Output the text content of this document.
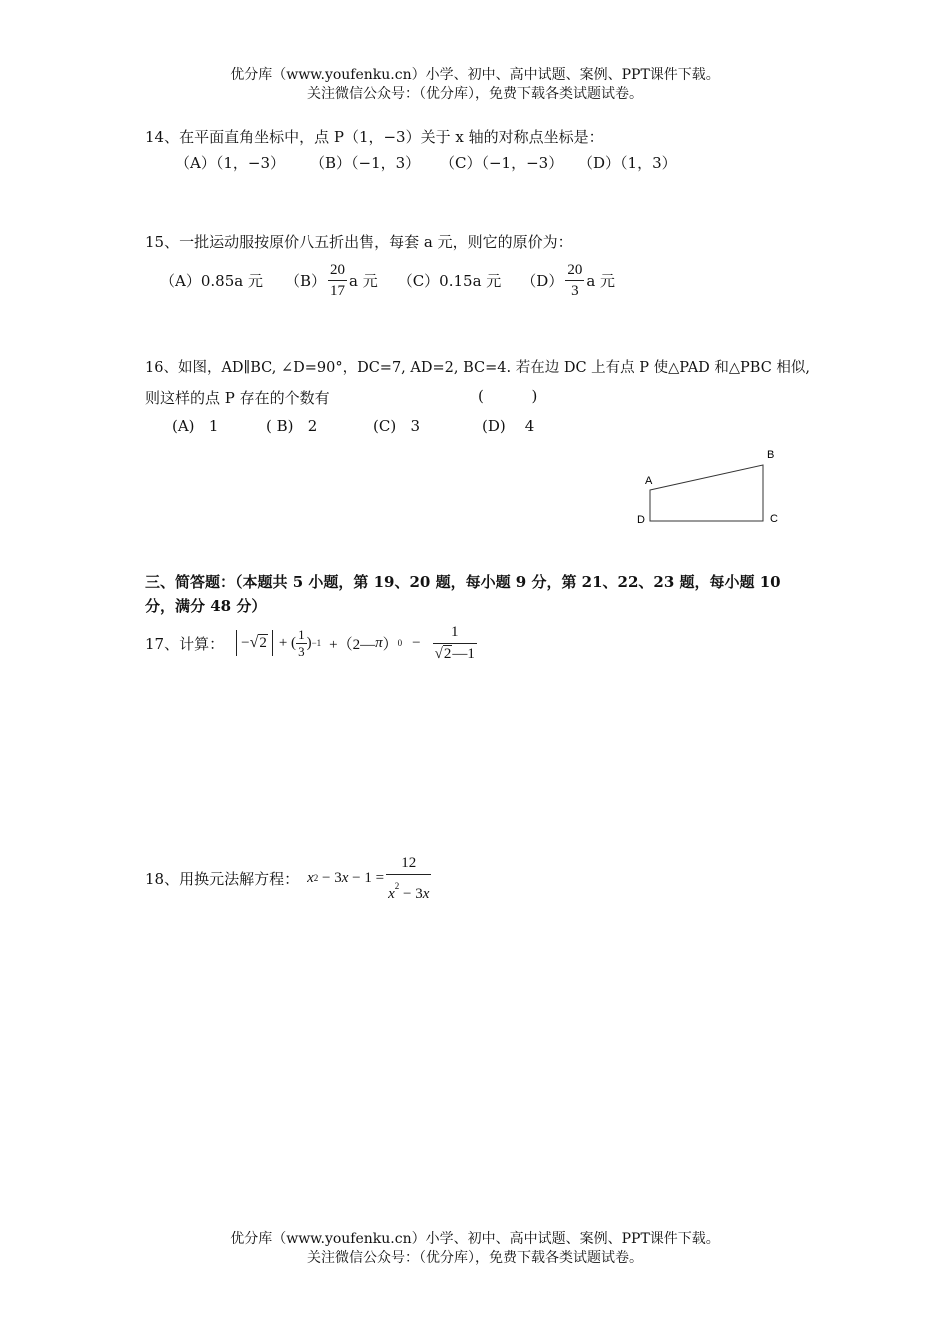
优分库（www.youfenku.cn）小学、初中、高中试题、案例、PPT课件下载。
关注微信公众号：（优分库），免费下载各类试题试卷。
14、在平面直角坐标中，点 P（1，−3）关于 x 轴的对称点坐标是：
（A）（1，−3） （B）（−1，3） （C）（−1，−3） （D）（1，3）
15、一批运动服按原价八五折出售，每套 a 元，则它的原价为：
（A）0.85a 元 $(B) \frac{20}{17}$ a 元 （C）0.15a 元 $(D) \frac{20}{3}$ a 元
16、如图，AD∥BC, ∠D=90°，DC=7, AD=2, BC=4. 若在边 DC 上有点 P 使△PAD 和△PBC 相似,
则这样的点 P 存在的个数有	(          )
(A)   1	( B)   2	(C)   3	(D)    4
A
B
C
D
三、简答题：（本题共 5 小题，第 19、20 题，每小题 9 分，第 21、22、23 题，每小题 10
分，满分 48 分）
17、计算：	−√2 + ( $\frac{1}{3}$ ) −1 +（2— π ） $0 - \frac{1}{√2—1}$
18、用换元法解方程： x 2 − 3 $x - 1 = \frac{12}{x^2 - 3x}$
优分库（www.youfenku.cn）小学、初中、高中试题、案例、PPT课件下载。
关注微信公众号：（优分库），免费下载各类试题试卷。
